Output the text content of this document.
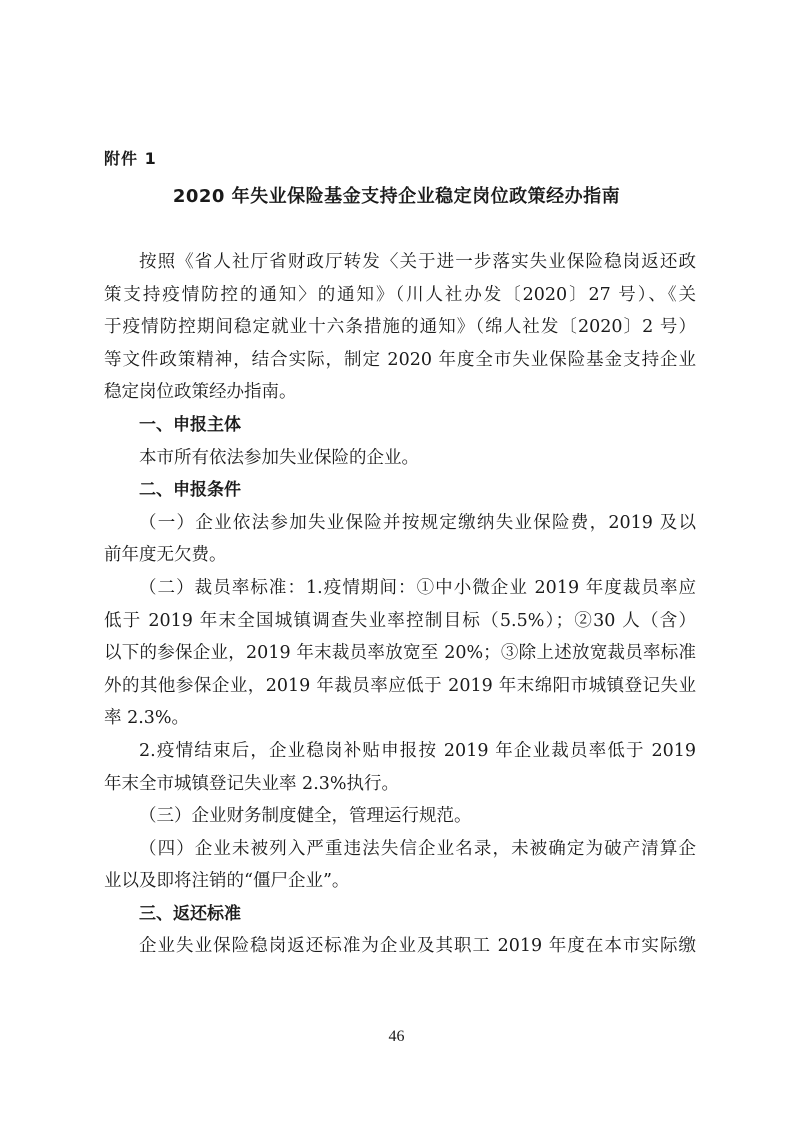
附件 1
2020 年失业保险基金支持企业稳定岗位政策经办指南
按照《省人社厅省财政厅转发〈关于进一步落实失业保险稳岗返还政
策支持疫情防控的通知〉的通知》（川人社办发〔2020〕27 号）、《关
于疫情防控期间稳定就业十六条措施的通知》（绵人社发〔2020〕2 号）
等文件政策精神，结合实际，制定 2020 年度全市失业保险基金支持企业
稳定岗位政策经办指南。
一、申报主体
本市所有依法参加失业保险的企业。
二、申报条件
（一）企业依法参加失业保险并按规定缴纳失业保险费，2019 及以
前年度无欠费。
（二）裁员率标准：1.疫情期间：①中小微企业 2019 年度裁员率应
低于 2019 年末全国城镇调查失业率控制目标（5.5%）；②30 人（含）
以下的参保企业，2019 年末裁员率放宽至 20%；③除上述放宽裁员率标准
外的其他参保企业，2019 年裁员率应低于 2019 年末绵阳市城镇登记失业
率 2.3%。
2.疫情结束后，企业稳岗补贴申报按 2019 年企业裁员率低于 2019
年末全市城镇登记失业率 2.3%执行。
（三）企业财务制度健全，管理运行规范。
（四）企业未被列入严重违法失信企业名录，未被确定为破产清算企
业以及即将注销的“僵尸企业”。
三、返还标准
企业失业保险稳岗返还标准为企业及其职工 2019 年度在本市实际缴
46
